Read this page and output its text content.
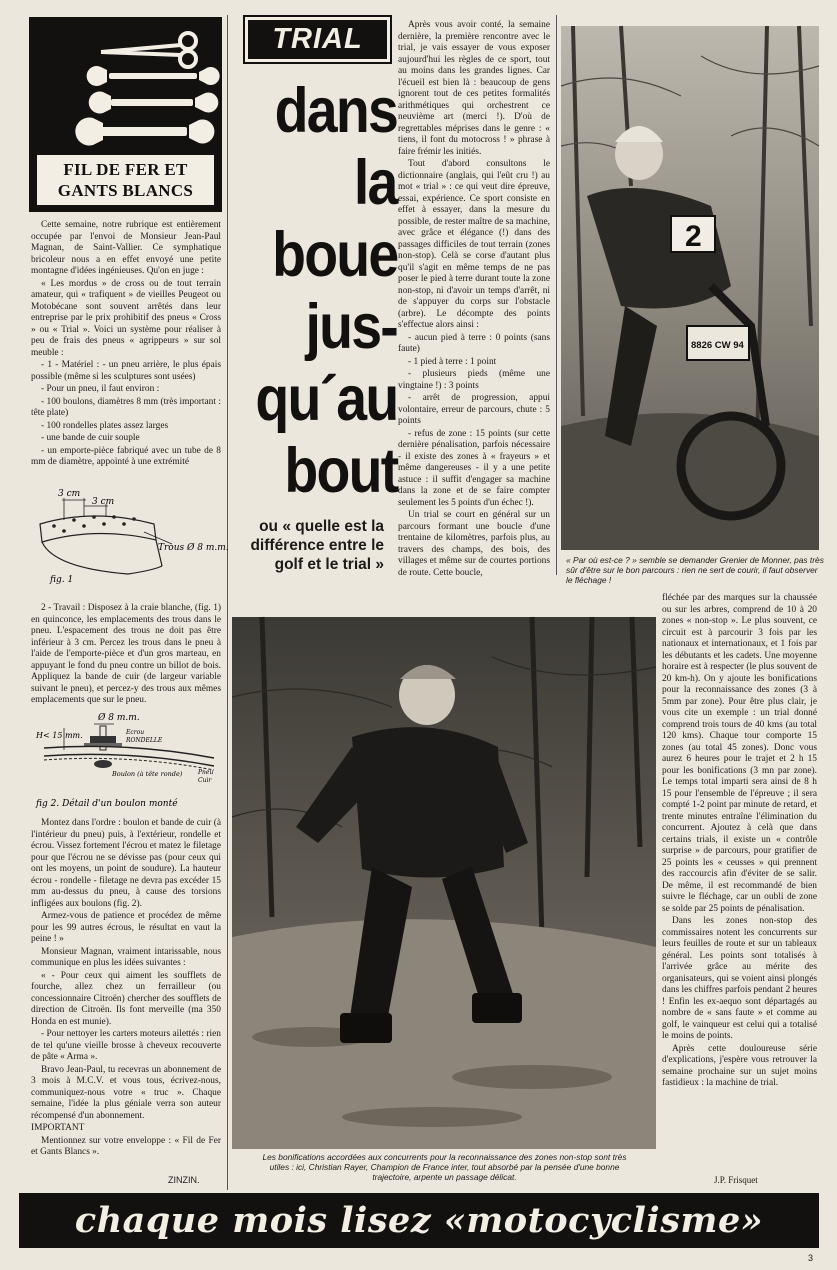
FIL DE FER ET
GANTS BLANCS

Cette semaine, notre rubrique est entièrement occupée par l'envoi de Monsieur Jean-Paul Magnan, de Saint-Vallier. Ce symphatique bricoleur nous a en effet envoyé une petite montagne d'idées ingénieuses. Qu'on en juge :

« Les mordus » de cross ou de tout terrain amateur, qui « trafiquent » de vieilles Peugeot ou Motobécane sont souvent arrêtés dans leur entreprise par le prix prohibitif des pneus « Cross » ou « Trial ». Voici un système pour réaliser à peu de frais des pneus « agrippeurs » sur sol meuble :

- 1 - Matériel : - un pneu arrière, le plus épais possible (même si les sculptures sont usées)

- Pour un pneu, il faut environ :

- 100 boulons, diamètres 8 mm (très important : tête plate)

- 100 rondelles plates assez larges

- une bande de cuir souple

- un emporte-pièce fabriqué avec un tube de 8 mm de diamètre, appointé à une extrémité

3 cm
3 cm
Trous Ø 8 m.m.
fig. 1

2 - Travail : Disposez à la craie blanche, (fig. 1) en quinconce, les emplacements des trous dans le pneu. L'espacement des trous ne doit pas être inférieur à 3 cm. Percez les trous dans le pneu à l'aide de l'emporte-pièce et d'un gros marteau, en appuyant le fond du pneu contre un billot de bois. Appliquez la bande de cuir (de largeur variable suivant le pneu), et percez-y des trous aux mêmes emplacements que sur le pneu.

Ø 8 m.m.
H< 15 mm.	Ecrou
RONDELLE
Boulon (à tête ronde)	Pneu
Cuir
fig 2. Détail d'un boulon monté

Montez dans l'ordre : boulon et bande de cuir (à l'intérieur du pneu) puis, à l'extérieur, rondelle et écrou. Vissez fortement l'écrou et matez le filetage pour que l'écrou ne se dévisse pas (pour ceux qui ont les moyens, un point de soudure). La hauteur écrou - rondelle - filetage ne devra pas excéder 15 mm au-dessus du pneu, à cause des torsions infligées aux boulons (fig. 2).

Armez-vous de patience et procédez de même pour les 99 autres écrous, le résultat en vaut la peine ! »

Monsieur Magnan, vraiment intarissable, nous communique en plus les idées suivantes :

« - Pour ceux qui aiment les soufflets de fourche, allez chez un ferrailleur (ou concessionnaire Citroën) chercher des soufflets de direction de Citroën. Ils font merveille (ma 350 Honda en est munie).

- Pour nettoyer les carters moteurs ailettés : rien de tel qu'une vieille brosse à cheveux recouverte de pâte « Arma ».

Bravo Jean-Paul, tu recevras un abonnement de 3 mois à M.C.V. et vous tous, écrivez-nous, communiquez-nous votre « truc ». Chaque semaine, l'idée la plus géniale verra son auteur récompensé d'un abonnement.

IMPORTANT

Mentionnez sur votre enveloppe : « Fil de Fer et Gants Blancs ».

ZINZIN.
TRIAL
dans
la
boue
jus-
qu´au
bout
ou « quelle est la différence entre le golf et le trial »

Après vous avoir conté, la semaine dernière, la première rencontre avec le trial, je vais essayer de vous exposer aujourd'hui les règles de ce sport, tout au moins dans les grandes lignes. Car l'écueil est bien là : beaucoup de gens ignorent tout de ces petites formalités arithmétiques qui orchestrent ce neuvième art (merci !). D'où de regrettables méprises dans le genre : « tiens, il font du motocross ! » phrase à faire frémir les initiés.

Tout d'abord consultons le dictionnaire (anglais, qui l'eût cru !) au mot « trial » : ce qui veut dire épreuve, essai, expérience. Ce sport consiste en effet à essayer, dans la mesure du possible, de rester maître de sa machine, avec grâce et élégance (!) dans des passages difficiles de tout terrain (zones non-stop). Celà se corse d'autant plus qu'il s'agit en même temps de ne pas poser le pied à terre durant toute la zone non-stop, ni d'avoir un temps d'arrêt, ni de s'appuyer du corps sur l'obstacle (arbre). Le décompte des points s'effectue alors ainsi :

- aucun pied à terre : 0 points (sans faute)

- 1 pied à terre : 1 point

- plusieurs pieds (même une vingtaine !) : 3 points

- arrêt de progression, appui volontaire, erreur de parcours, chute : 5 points

- refus de zone : 15 points (sur cette dernière pénalisation, parfois nécessaire - il existe des zones à « frayeurs » et même dangereuses - il y a une petite astuce : il suffit d'engager sa machine dans la zone et de se faire compter seulement les 5 points d'un échec !).

Un trial se court en général sur un parcours formant une boucle d'une trentaine de kilomètres, parfois plus, au travers des champs, des bois, des villages et même sur de courtes portions de route. Cette boucle,

2
8826 CW 94
« Par où est-ce ? » semble se demander Grenier de Monner, pas très sûr d'être sur le bon parcours : rien ne sert de courir, il faut observer le fléchage !
Les bonifications accordées aux concurrents pour la reconnaissance des zones non-stop sont très utiles : ici, Christian Rayer, Champion de France inter, tout absorbé par la pensée d'une bonne trajectoire, arpente un passage délicat.

fléchée par des marques sur la chaussée ou sur les arbres, comprend de 10 à 20 zones « non-stop ». Le plus souvent, ce circuit est à parcourir 3 fois par les nationaux et internationaux, et 1 fois par les débutants et les cadets. Une moyenne horaire est à respecter (le plus souvent de 20 km-h). On y ajoute les bonifications pour la reconnaissance des zones (3 à 5mm par zone). Pour être plus clair, je vous cite un exemple : un trial donné comprend trois tours de 40 kms (au total 120 kms). Chaque tour comporte 15 zones (au total 45 zones). Donc vous aurez 6 heures pour le trajet et 2 h 15 pour les bonifications (3 mn par zone). Le temps total imparti sera ainsi de 8 h 15 pour l'ensemble de l'épreuve ; il sera compté 1-2 point par minute de retard, et trente minutes entraîne l'élimination du concurrent. Ajoutez à celà que dans certains trials, il existe un « contrôle surprise » de parcours, pour gratifier de 25 points les « ceusses » qui prennent des raccourcis afin d'éviter de se salir. De même, il est recommandé de bien suivre le fléchage, car un oubli de zone se solde par 25 points de pénalisation.

Dans les zones non-stop des commissaires notent les concurrents sur leurs feuilles de route et sur un tableaux général. Les points sont totalisés à l'arrivée grâce au mérite des organisateurs, qui se voient ainsi plongés dans les chiffres parfois pendant 2 heures ! Enfin les ex-aequo sont départagés au nombre de « sans faute » et comme au golf, le vainqueur est celui qui a totalisé le moins de points.

Après cette douloureuse série d'explications, j'espère vous retrouver la semaine prochaine sur un sujet moins fastidieux : la machine de trial.

J.P. Frisquet
chaque mois lisez «motocyclisme»
3
